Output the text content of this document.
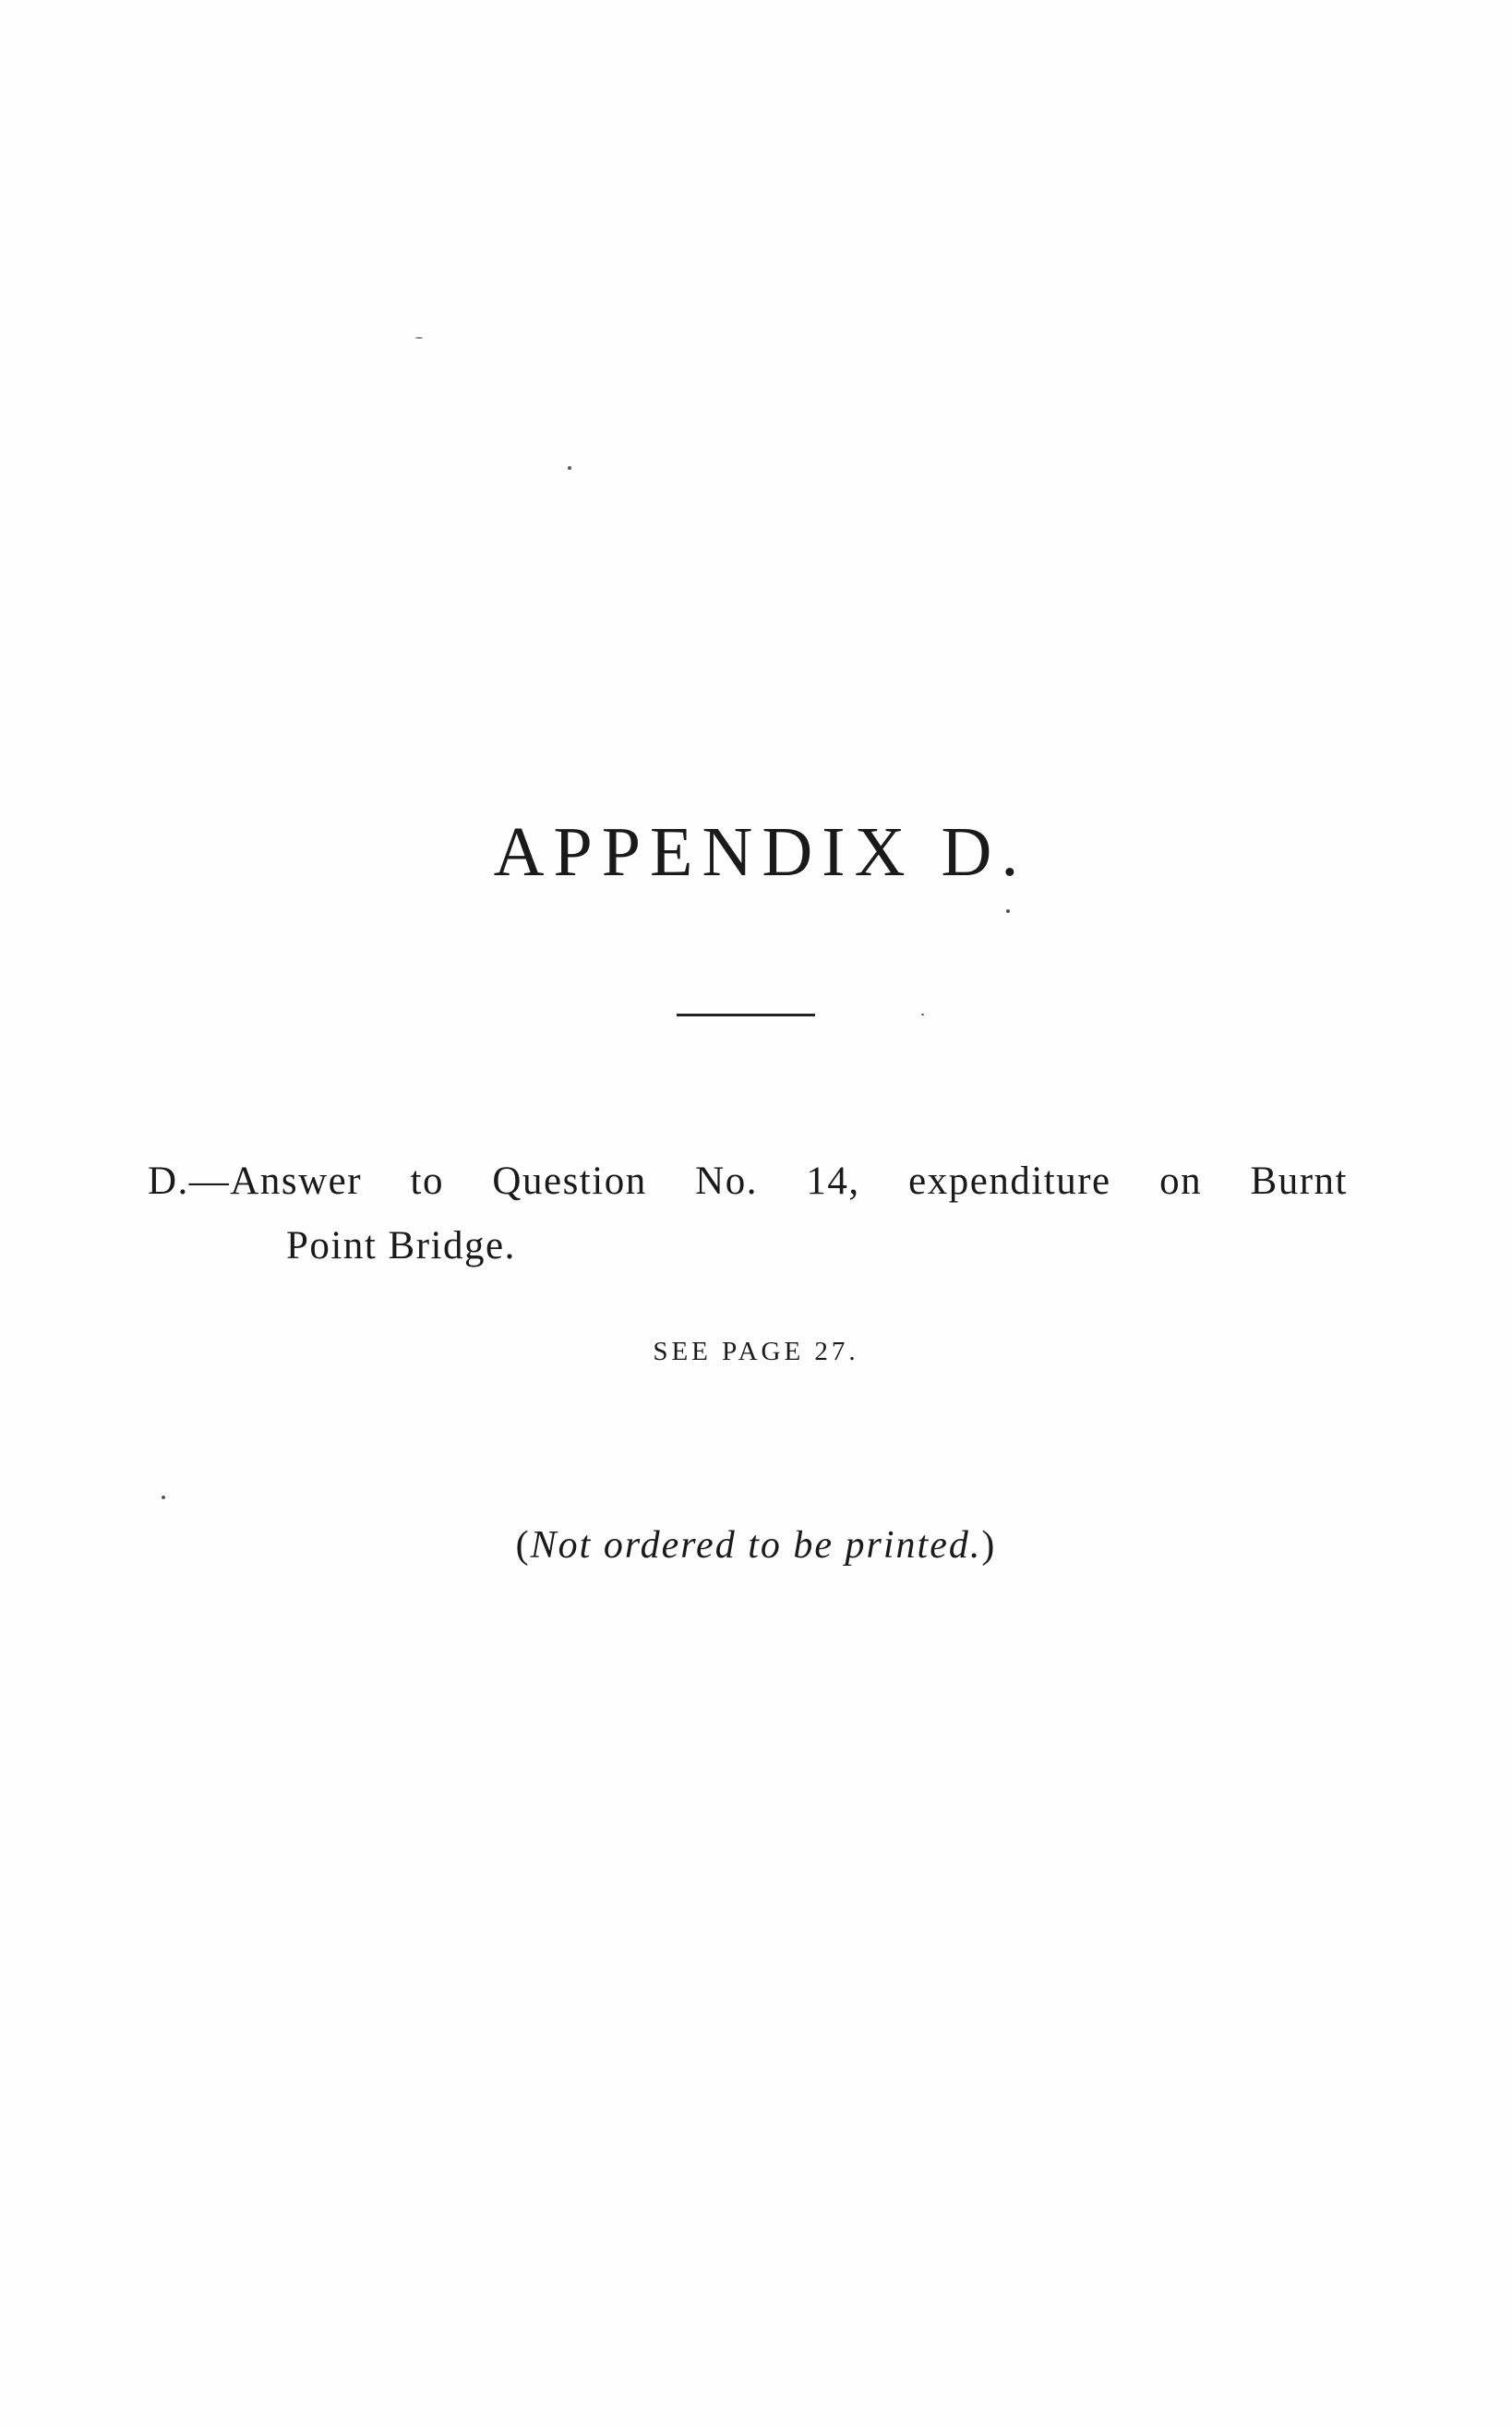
APPENDIX D.

D.—Answer to Question No. 14, expenditure on Burnt
Point Bridge.

SEE PAGE 27.

(Not ordered to be printed.)
